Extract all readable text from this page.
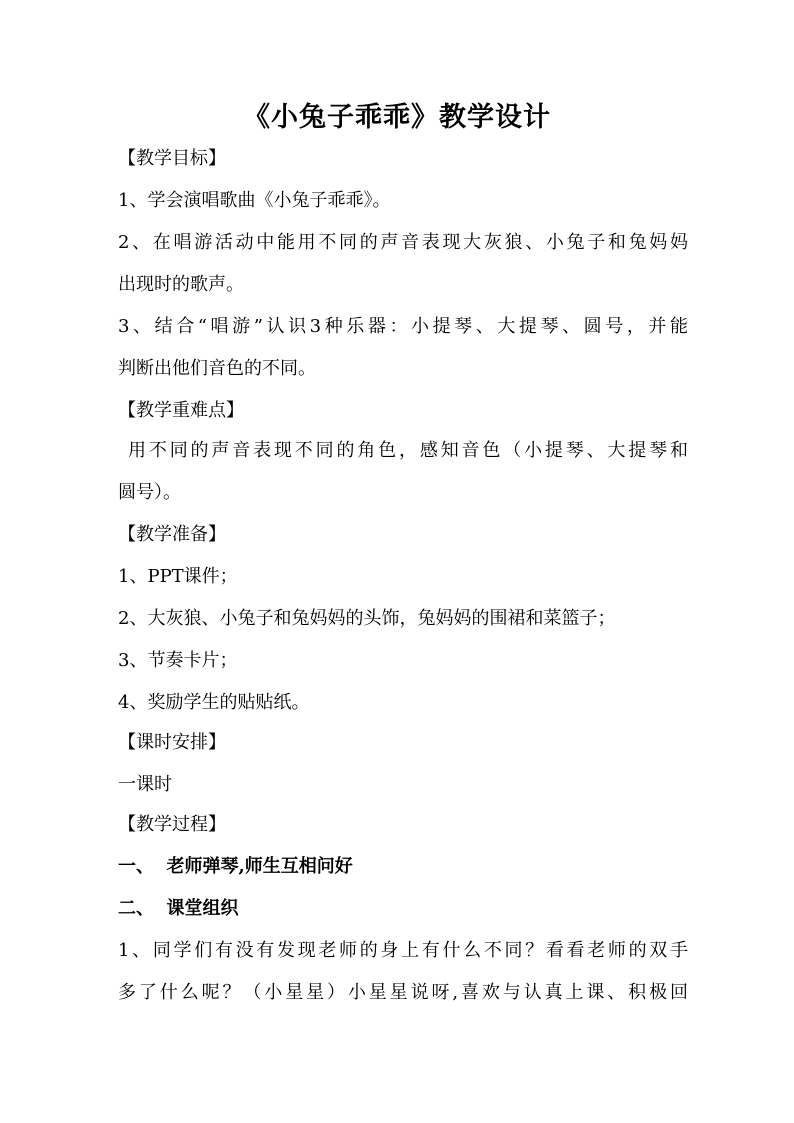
《小兔子乖乖》教学设计
【教学目标】
1、学会演唱歌曲《小兔子乖乖》。
2、在唱游活动中能用不同的声音表现大灰狼、小兔子和兔妈妈
出现时的歌声。
3、结合“唱游”认识3种乐器：小提琴、大提琴、圆号，并能
判断出他们音色的不同。
【教学重难点】
用不同的声音表现不同的角色，感知音色（小提琴、大提琴和
圆号）。
【教学准备】
1、PPT课件；
2、大灰狼、小兔子和兔妈妈的头饰，兔妈妈的围裙和菜篮子；
3、节奏卡片；
4、奖励学生的贴贴纸。
【课时安排】
一课时
【教学过程】
一、  老师弹琴,师生互相问好
二、  课堂组织
1、同学们有没有发现老师的身上有什么不同？看看老师的双手
多了什么呢？（小星星）小星星说呀,喜欢与认真上课、积极回
